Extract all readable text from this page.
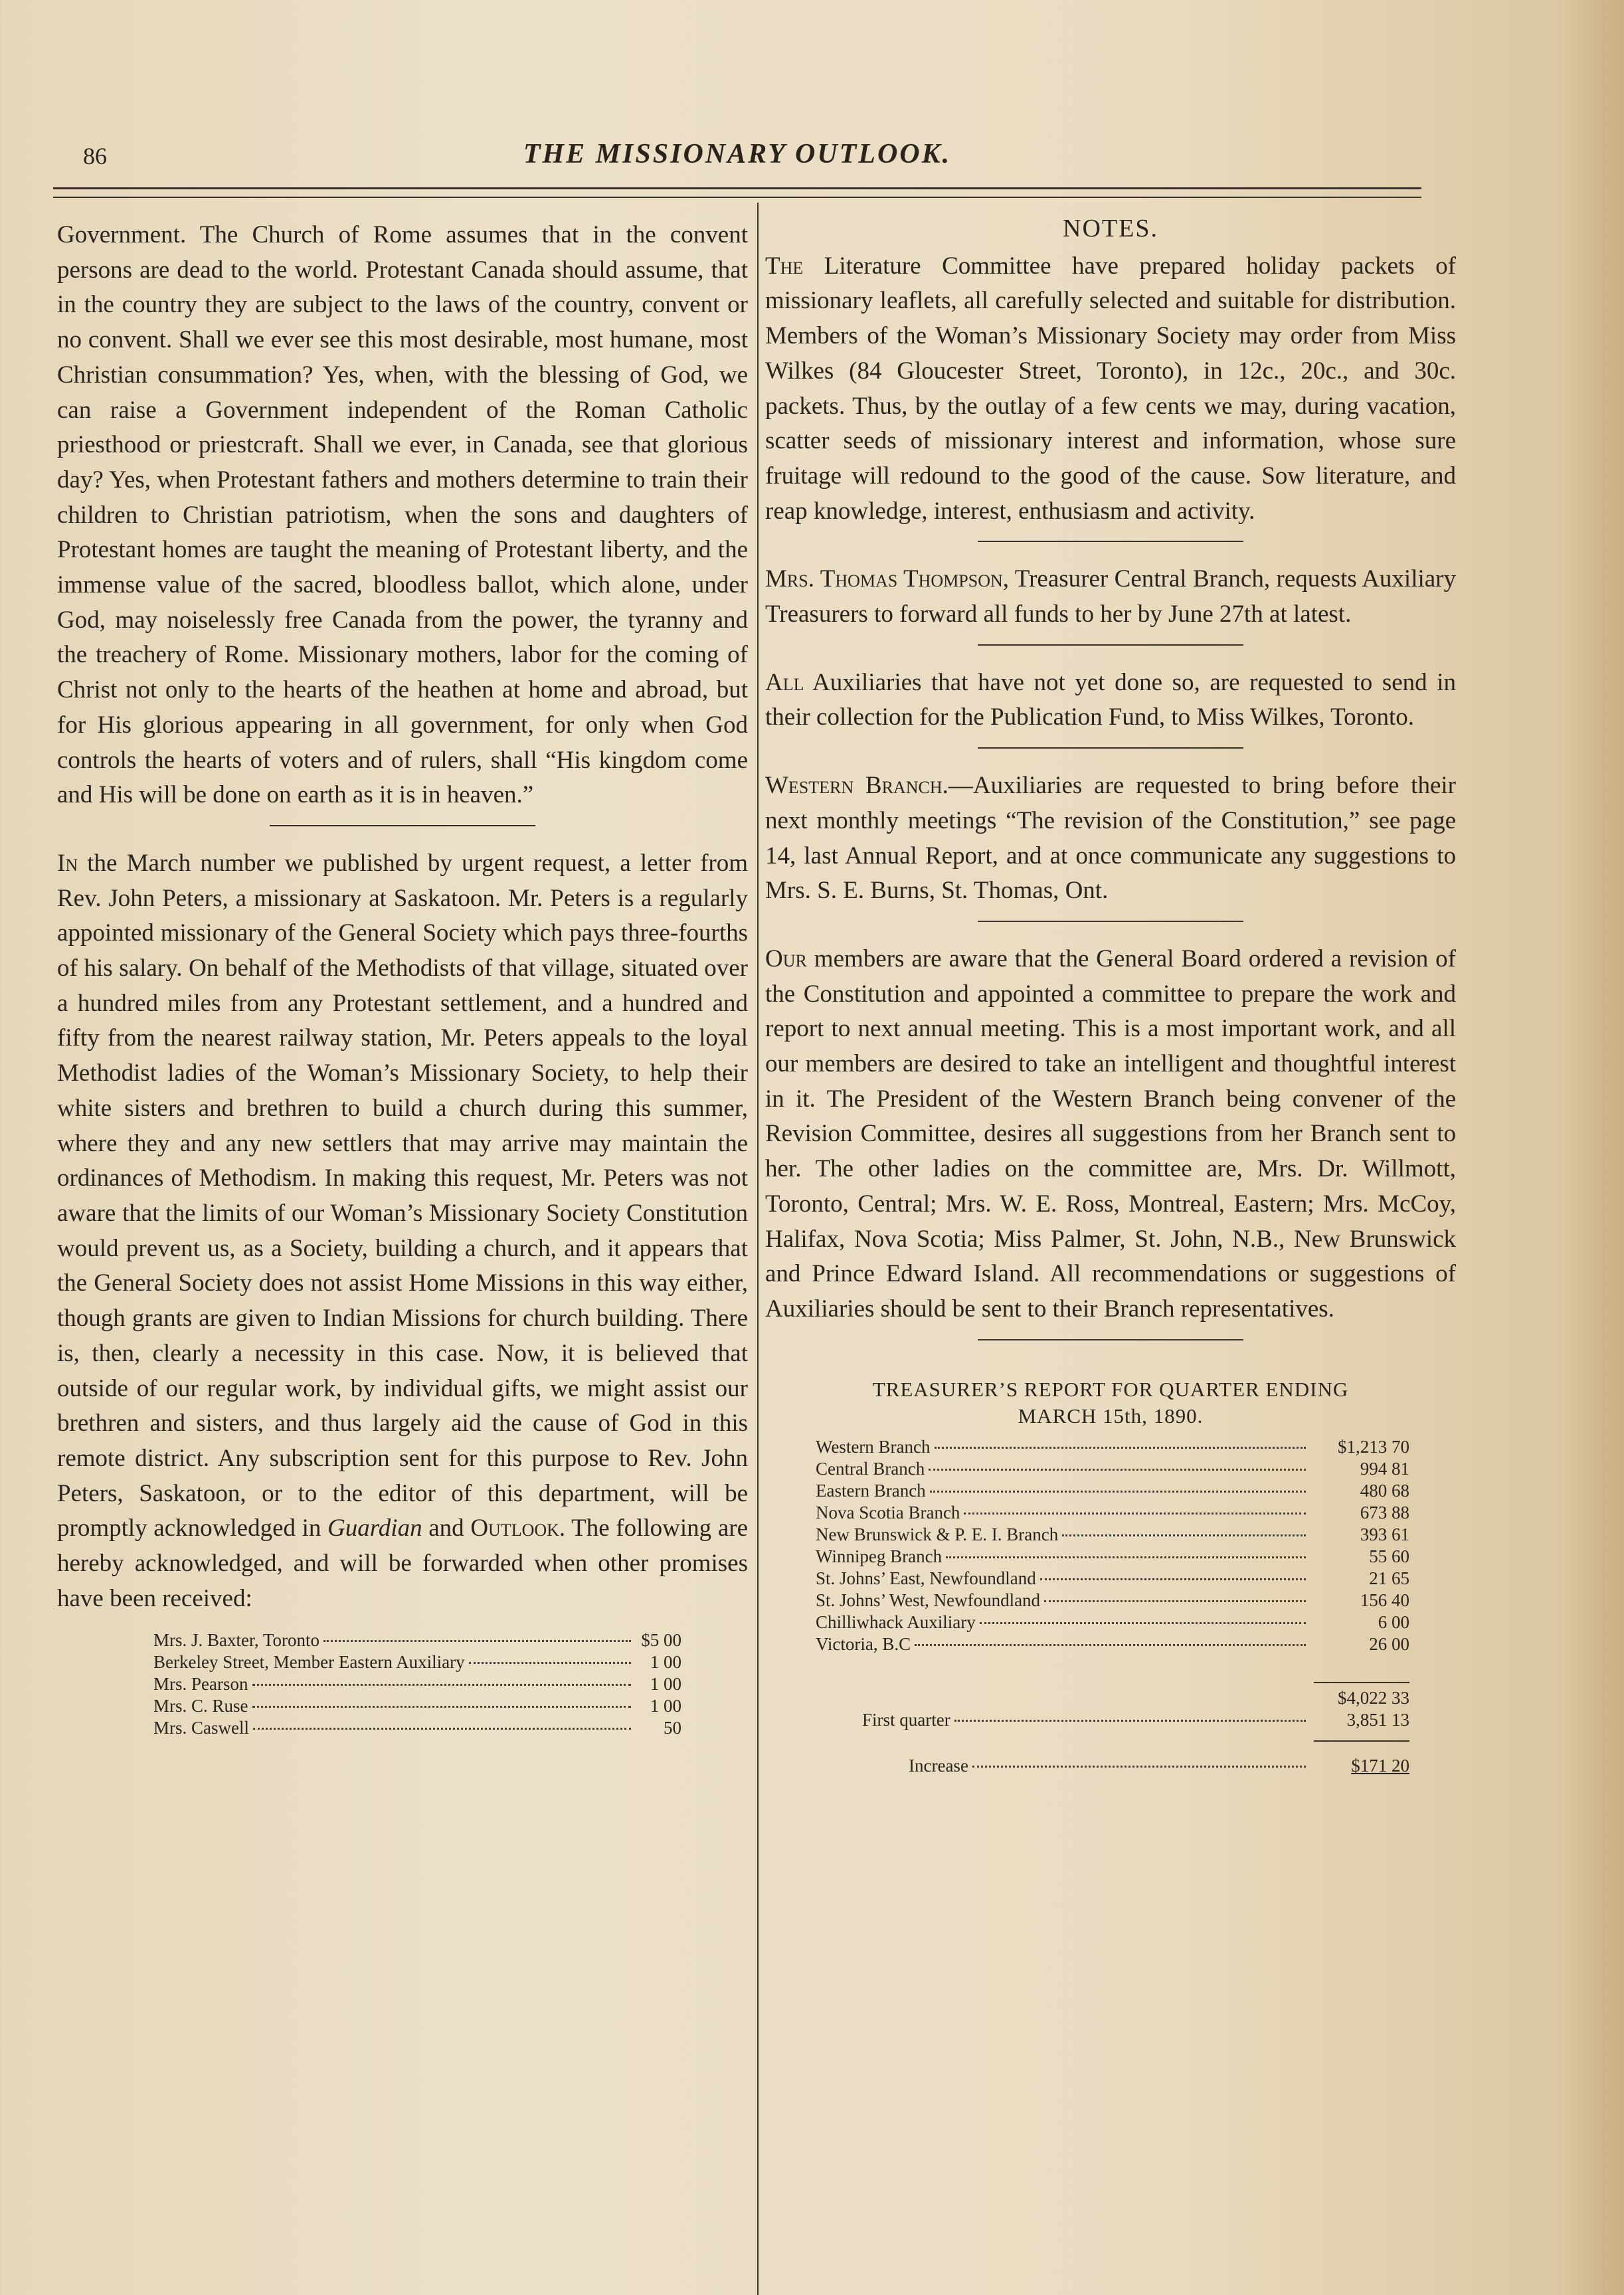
86	THE MISSIONARY OUTLOOK.

Government. The Church of Rome assumes that in the convent persons are dead to the world. Protestant Canada should assume, that in the country they are subject to the laws of the country, convent or no convent. Shall we ever see this most desirable, most humane, most Christian consummation? Yes, when, with the blessing of God, we can raise a Government independent of the Roman Catholic priesthood or priestcraft. Shall we ever, in Canada, see that glorious day? Yes, when Protestant fathers and mothers determine to train their children to Christian patriotism, when the sons and daughters of Protestant homes are taught the meaning of Protestant liberty, and the immense value of the sacred, bloodless ballot, which alone, under God, may noiselessly free Canada from the power, the tyranny and the treachery of Rome. Missionary mothers, labor for the coming of Christ not only to the hearts of the heathen at home and abroad, but for His glorious appearing in all government, for only when God controls the hearts of voters and of rulers, shall “His kingdom come and His will be done on earth as it is in heaven.”

In the March number we published by urgent request, a letter from Rev. John Peters, a missionary at Saskatoon. Mr. Peters is a regularly appointed missionary of the General Society which pays three-fourths of his salary. On behalf of the Methodists of that village, situated over a hundred miles from any Protestant settlement, and a hundred and fifty from the nearest railway station, Mr. Peters appeals to the loyal Methodist ladies of the Woman’s Missionary Society, to help their white sisters and brethren to build a church during this summer, where they and any new settlers that may arrive may maintain the ordinances of Methodism. In making this request, Mr. Peters was not aware that the limits of our Woman’s Missionary Society Constitution would prevent us, as a Society, building a church, and it appears that the General Society does not assist Home Missions in this way either, though grants are given to Indian Missions for church building. There is, then, clearly a necessity in this case. Now, it is believed that outside of our regular work, by individual gifts, we might assist our brethren and sisters, and thus largely aid the cause of God in this remote district. Any subscription sent for this purpose to Rev. John Peters, Saskatoon, or to the editor of this department, will be promptly acknowledged in Guardian and Outlook. The following are hereby acknowledged, and will be forwarded when other promises have been received:

Mrs. J. Baxter, Toronto	$5 00
Berkeley Street, Member Eastern Auxiliary	1 00
Mrs. Pearson	1 00
Mrs. C. Ruse	1 00
Mrs. Caswell	50
NOTES.

The Literature Committee have prepared holiday packets of missionary leaflets, all carefully selected and suitable for distribution. Members of the Woman’s Missionary Society may order from Miss Wilkes (84 Gloucester Street, Toronto), in 12c., 20c., and 30c. packets. Thus, by the outlay of a few cents we may, during vacation, scatter seeds of missionary interest and information, whose sure fruitage will redound to the good of the cause. Sow literature, and reap knowledge, interest, enthusiasm and activity.

Mrs. Thomas Thompson, Treasurer Central Branch, requests Auxiliary Treasurers to forward all funds to her by June 27th at latest.

All Auxiliaries that have not yet done so, are requested to send in their collection for the Publication Fund, to Miss Wilkes, Toronto.

Western Branch.—Auxiliaries are requested to bring before their next monthly meetings “The revision of the Constitution,” see page 14, last Annual Report, and at once communicate any suggestions to Mrs. S. E. Burns, St. Thomas, Ont.

Our members are aware that the General Board ordered a revision of the Constitution and appointed a committee to prepare the work and report to next annual meeting. This is a most important work, and all our members are desired to take an intelligent and thoughtful interest in it. The President of the Western Branch being convener of the Revision Committee, desires all suggestions from her Branch sent to her. The other ladies on the committee are, Mrs. Dr. Willmott, Toronto, Central; Mrs. W. E. Ross, Montreal, Eastern; Mrs. McCoy, Halifax, Nova Scotia; Miss Palmer, St. John, N.B., New Brunswick and Prince Edward Island. All recommendations or suggestions of Auxiliaries should be sent to their Branch representatives.

TREASURER’S REPORT FOR QUARTER ENDING
MARCH 15th, 1890.
Western Branch	$1,213 70
Central Branch	994 81
Eastern Branch	480 68
Nova Scotia Branch	673 88
New Brunswick & P. E. I. Branch	393 61
Winnipeg Branch	55 60
St. Johns’ East, Newfoundland	21 65
St. Johns’ West, Newfoundland	156 40
Chilliwhack Auxiliary	6 00
Victoria, B.C	26 00
$4,022 33
First quarter	3,851 13
Increase	$171 20
